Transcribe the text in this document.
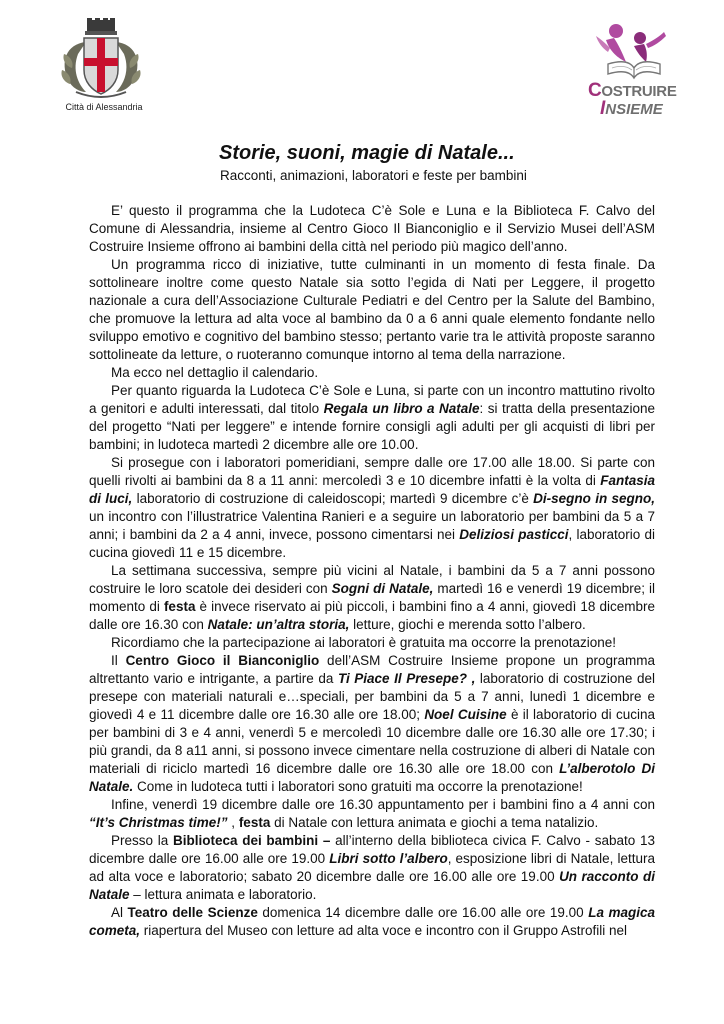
Città di Alessandria
COSTRUIRE
INSIEME
Storie, suoni, magie di Natale...

Racconti, animazioni, laboratori e feste per bambini

E’ questo il programma che la Ludoteca C’è Sole e Luna e la Biblioteca F. Calvo del Comune di Alessandria, insieme al Centro Gioco Il Bianconiglio e il Servizio Musei dell’ASM Costruire Insieme offrono ai bambini della città nel periodo più magico dell’anno.

Un programma ricco di iniziative, tutte culminanti in un momento di festa finale. Da sottolineare inoltre come questo Natale sia sotto l’egida di Nati per Leggere, il progetto nazionale a cura dell’Associazione Culturale Pediatri e del Centro per la Salute del Bambino, che promuove la lettura ad alta voce al bambino da 0 a 6 anni quale elemento fondante nello sviluppo emotivo e cognitivo del bambino stesso; pertanto varie tra le attività proposte saranno sottolineate da letture, o ruoteranno comunque intorno al tema della narrazione.

Ma ecco nel dettaglio il calendario.

Per quanto riguarda la Ludoteca C’è Sole e Luna, si parte con un incontro mattutino rivolto a genitori e adulti interessati, dal titolo Regala un libro a Natale: si tratta della presentazione del progetto “Nati per leggere” e intende fornire consigli agli adulti per gli acquisti di libri per bambini; in ludoteca martedì 2 dicembre alle ore 10.00.

Si prosegue con i laboratori pomeridiani, sempre dalle ore 17.00 alle 18.00. Si parte con quelli rivolti ai bambini da 8 a 11 anni: mercoledì 3 e 10 dicembre infatti è la volta di Fantasia di luci, laboratorio di costruzione di caleidoscopi; martedì 9 dicembre c’è Di-segno in segno, un incontro con l’illustratrice Valentina Ranieri e a seguire un laboratorio per bambini da 5 a 7 anni; i bambini da 2 a 4 anni, invece, possono cimentarsi nei Deliziosi pasticci, laboratorio di cucina giovedì 11 e 15 dicembre.

La settimana successiva, sempre più vicini al Natale, i bambini da 5 a 7 anni possono costruire le loro scatole dei desideri con Sogni di Natale, martedì 16 e venerdì 19 dicembre; il momento di festa è invece riservato ai più piccoli, i bambini fino a 4 anni, giovedì 18 dicembre dalle ore 16.30 con Natale: un’altra storia, letture, giochi e merenda sotto l’albero.

Ricordiamo che la partecipazione ai laboratori è gratuita ma occorre la prenotazione!

Il Centro Gioco il Bianconiglio dell’ASM Costruire Insieme propone un programma altrettanto vario e intrigante, a partire da Ti Piace Il Presepe? , laboratorio di costruzione del presepe con materiali naturali e…speciali, per bambini da 5 a 7 anni, lunedì 1 dicembre e giovedì 4 e 11 dicembre dalle ore 16.30 alle ore 18.00; Noel Cuisine è il laboratorio di cucina per bambini di 3 e 4 anni, venerdì 5 e mercoledì 10 dicembre dalle ore 16.30 alle ore 17.30; i più grandi, da 8 a11 anni, si possono invece cimentare nella costruzione di alberi di Natale con materiali di riciclo martedì 16 dicembre dalle ore 16.30 alle ore 18.00 con L’alberotolo Di Natale. Come in ludoteca tutti i laboratori sono gratuiti ma occorre la prenotazione!

Infine, venerdì 19 dicembre dalle ore 16.30 appuntamento per i bambini fino a 4 anni con “It’s Christmas time!” , festa di Natale con lettura animata e giochi a tema natalizio.

Presso la Biblioteca dei bambini – all’interno della biblioteca civica F. Calvo - sabato 13 dicembre dalle ore 16.00 alle ore 19.00 Libri sotto l’albero, esposizione libri di Natale, lettura ad alta voce e laboratorio; sabato 20 dicembre dalle ore 16.00 alle ore 19.00 Un racconto di Natale – lettura animata e laboratorio.

Al Teatro delle Scienze domenica 14 dicembre dalle ore 16.00 alle ore 19.00 La magica cometa, riapertura del Museo con letture ad alta voce e incontro con il Gruppo Astrofili nel
